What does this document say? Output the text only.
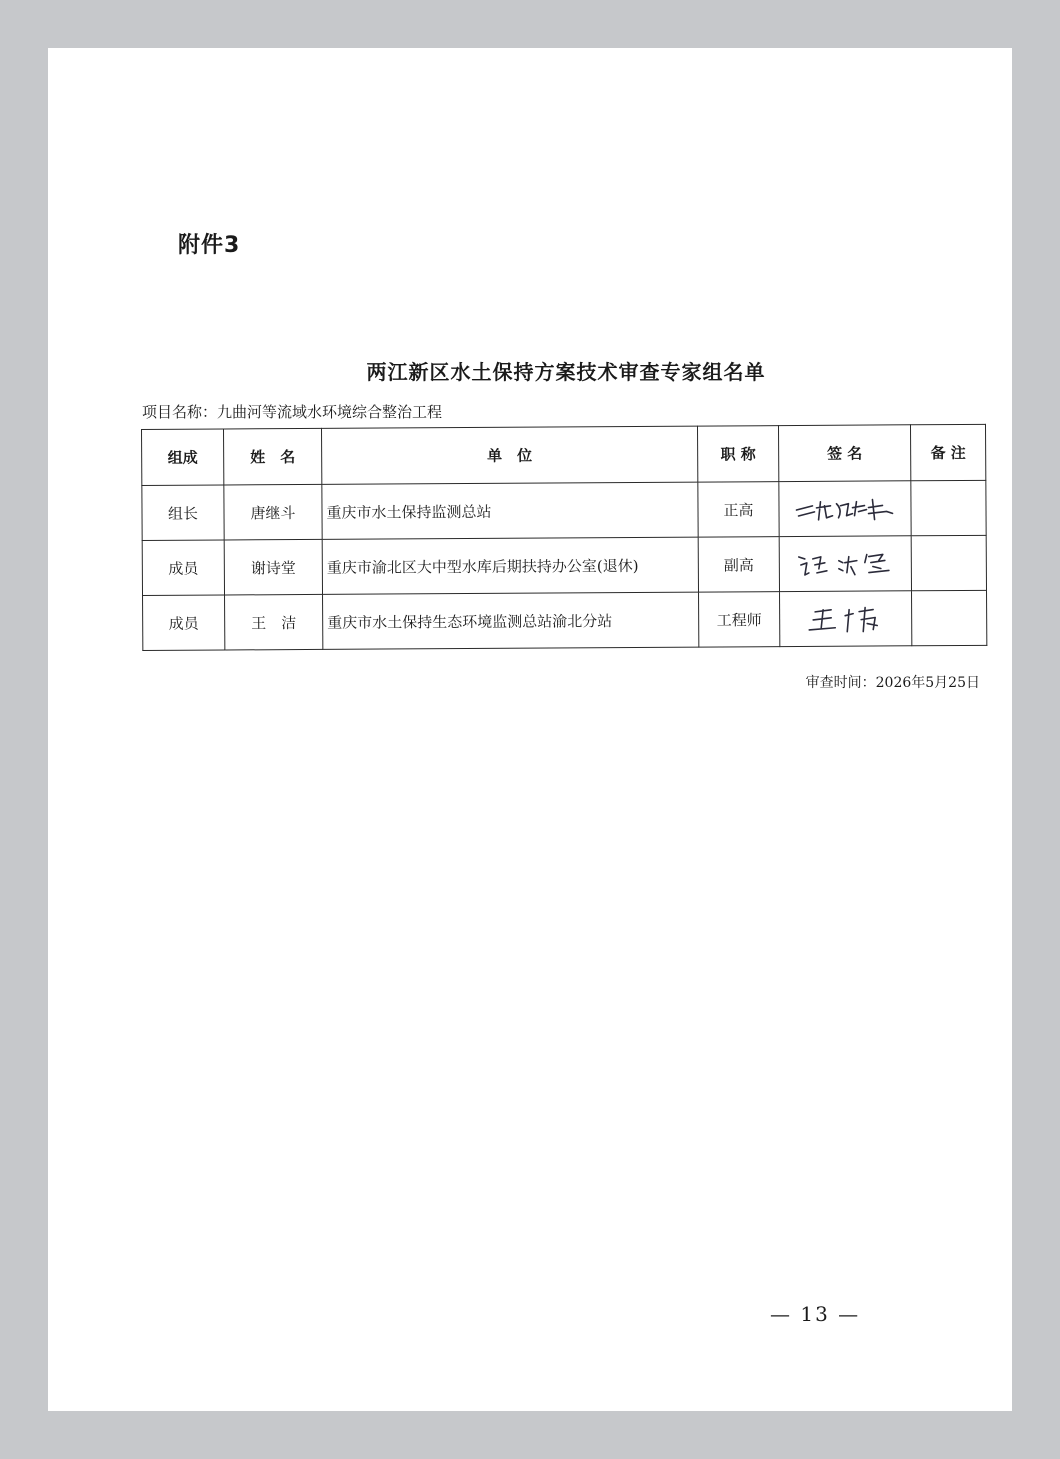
附件3
两江新区水土保持方案技术审查专家组名单
项目名称：九曲河等流域水环境综合整治工程
组成	姓　名	单　位	职 称	签 名	备 注
组长	唐继斗	重庆市水土保持监测总站	正高	

成员	谢诗堂	重庆市渝北区大中型水库后期扶持办公室(退休)	副高	

成员	王　洁	重庆市水土保持生态环境监测总站渝北分站	工程师	

审查时间：2026年5月25日
— 13 —
